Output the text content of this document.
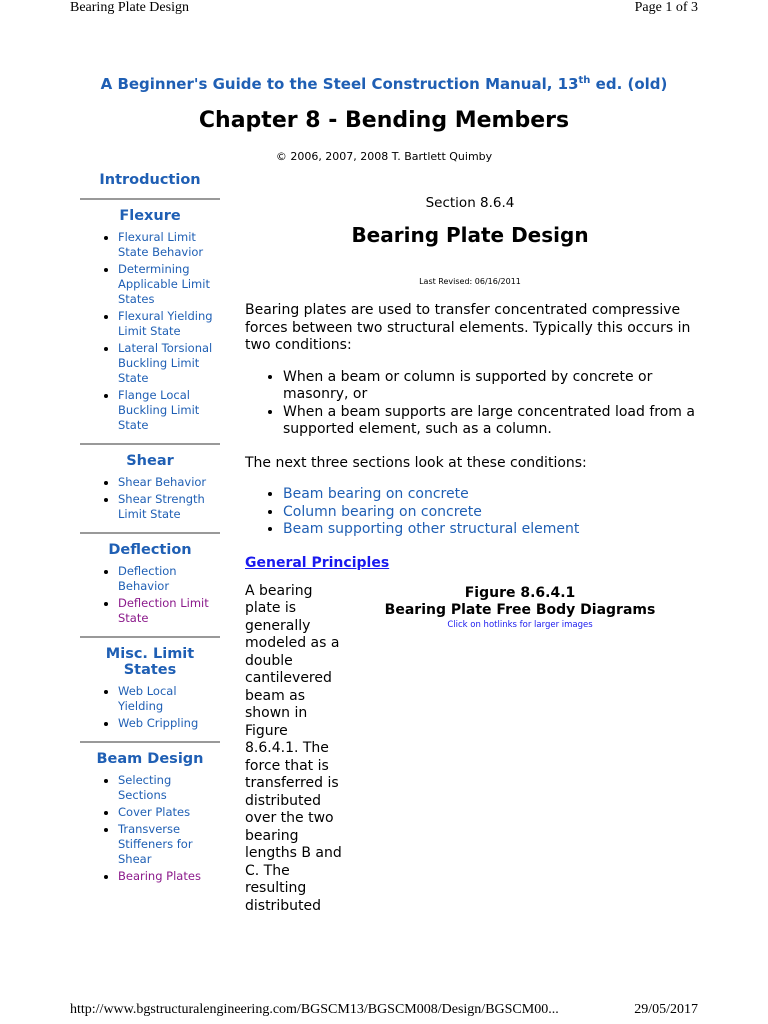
Bearing Plate Design	Page 1 of 3
A Beginner's Guide to the Steel Construction Manual, 13th ed. (old)
Chapter 8 - Bending Members
© 2006, 2007, 2008 T. Bartlett Quimby
Introduction
Flexure
• Flexural Limit State Behavior
• Determining Applicable Limit States
• Flexural Yielding Limit State
• Lateral Torsional Buckling Limit State
• Flange Local Buckling Limit State
Shear
• Shear Behavior
• Shear Strength Limit State
Deflection
• Deflection Behavior
• Deflection Limit State
Misc. Limit States
• Web Local Yielding
• Web Crippling
Beam Design
• Selecting Sections
• Cover Plates
• Transverse Stiffeners for Shear
• Bearing Plates
Section 8.6.4
Bearing Plate Design
Last Revised: 06/16/2011

Bearing plates are used to transfer concentrated compressive forces between two structural elements. Typically this occurs in two conditions:

• When a beam or column is supported by concrete or masonry, or
• When a beam supports are large concentrated load from a supported element, such as a column.

The next three sections look at these conditions:

• Beam bearing on concrete
• Column bearing on concrete
• Beam supporting other structural element
General Principles
A bearing plate is generally modeled as a double cantilevered beam as shown in Figure 8.6.4.1. The force that is transferred is distributed over the two bearing lengths B and C. The resulting distributed
Figure 8.6.4.1
Bearing Plate Free Body Diagrams
Click on hotlinks for larger images
http://www.bgstructuralengineering.com/BGSCM13/BGSCM008/Design/BGSCM00...	29/05/2017
